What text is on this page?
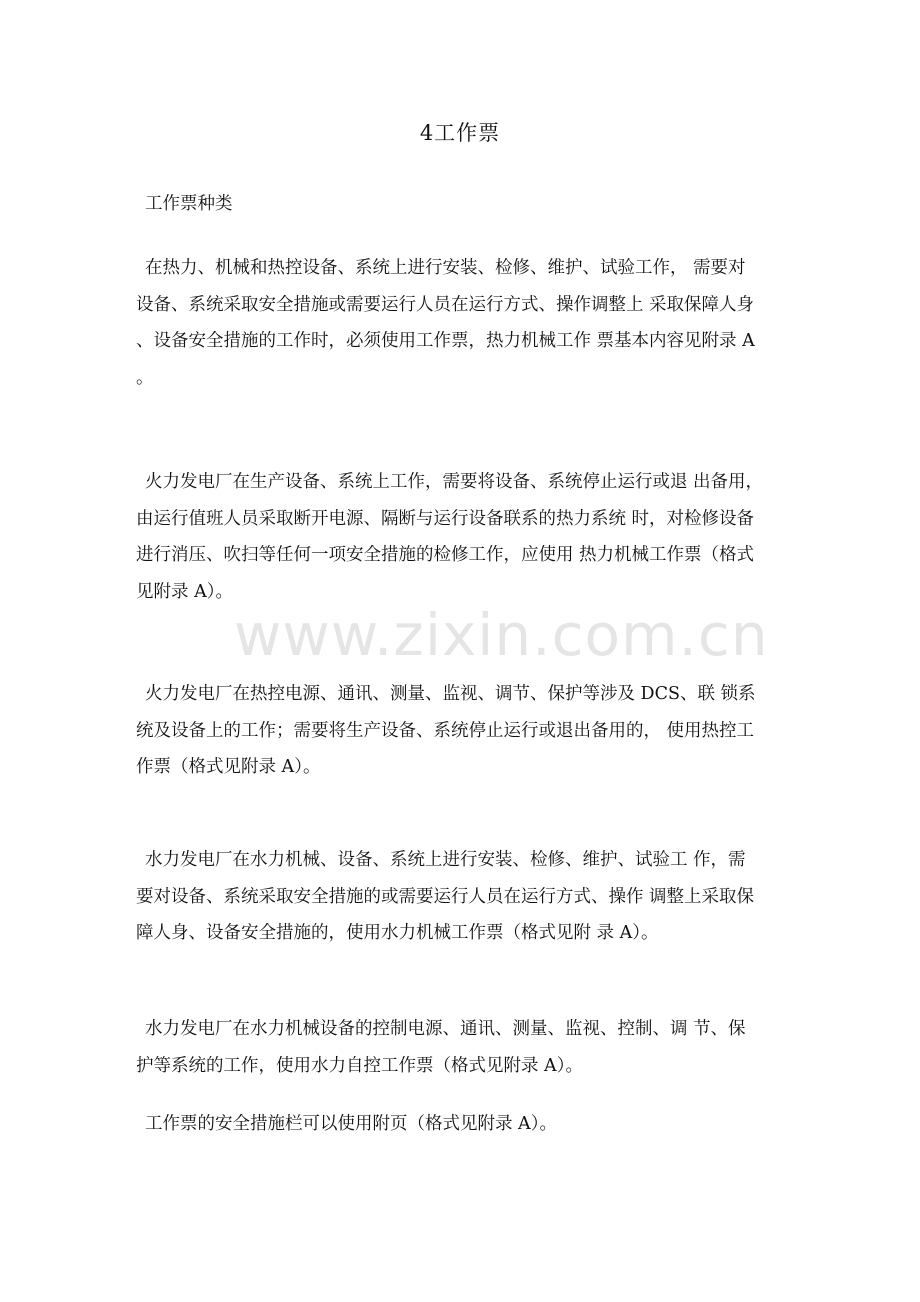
4工作票
工作票种类
在热力、机械和热控设备、系统上进行安装、检修、维护、试验工作， 需要对
设备、系统采取安全措施或需要运行人员在运行方式、操作调整上 采取保障人身
、设备安全措施的工作时，必须使用工作票，热力机械工作 票基本内容见附录 A
。
火力发电厂在生产设备、系统上工作，需要将设备、系统停止运行或退 出备用，
由运行值班人员采取断开电源、隔断与运行设备联系的热力系统 时，对检修设备
进行消压、吹扫等任何一项安全措施的检修工作，应使用 热力机械工作票（格式
见附录 A）。
火力发电厂在热控电源、通讯、测量、监视、调节、保护等涉及 DCS、联 锁系
统及设备上的工作；需要将生产设备、系统停止运行或退出备用的， 使用热控工
作票（格式见附录 A）。
水力发电厂在水力机械、设备、系统上进行安装、检修、维护、试验工 作，需
要对设备、系统采取安全措施的或需要运行人员在运行方式、操作 调整上采取保
障人身、设备安全措施的，使用水力机械工作票（格式见附 录 A）。
水力发电厂在水力机械设备的控制电源、通讯、测量、监视、控制、调 节、保
护等系统的工作，使用水力自控工作票（格式见附录 A）。
工作票的安全措施栏可以使用附页（格式见附录 A）。
www.zixin.com.cn
